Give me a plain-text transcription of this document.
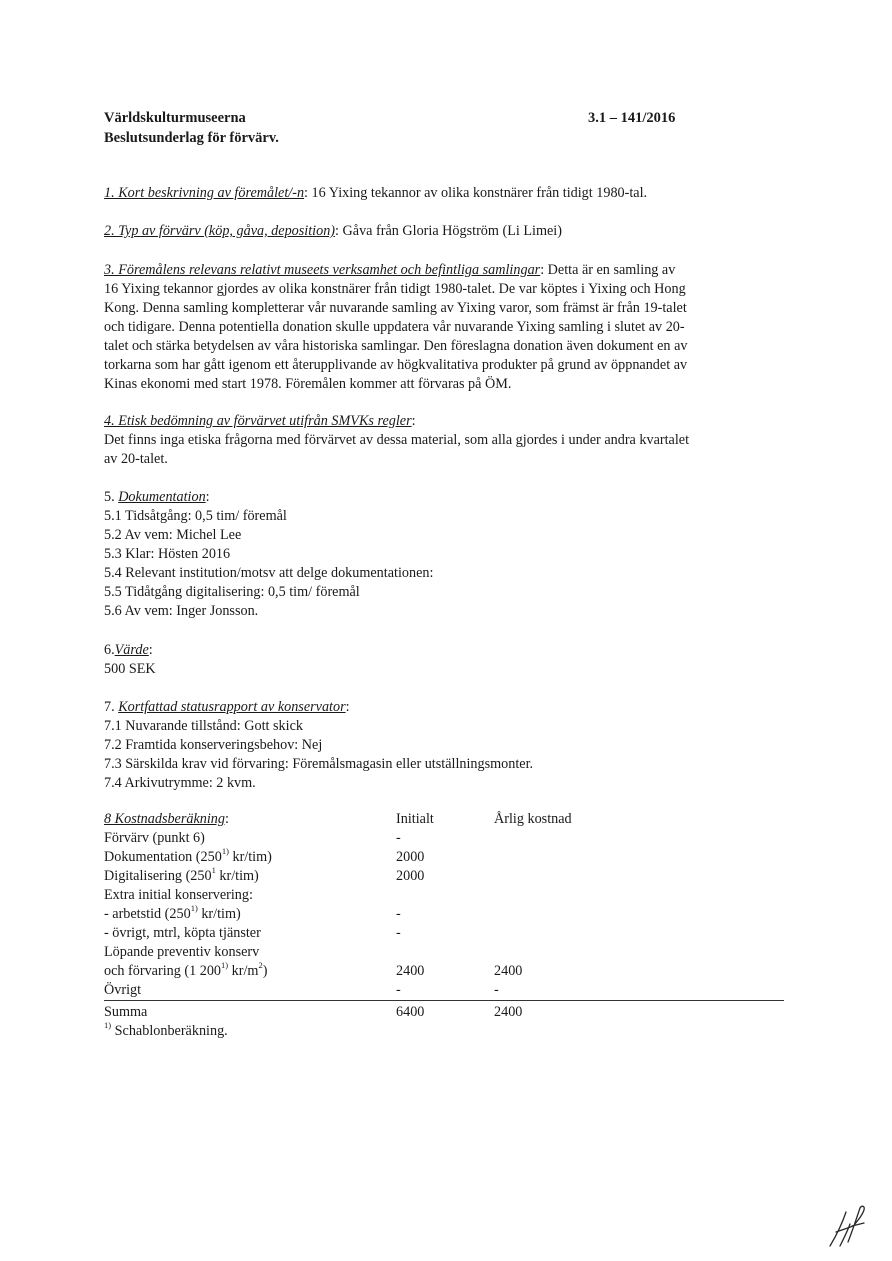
Världskulturmuseerna
Beslutsunderlag för förvärv.
3.1 – 141/2016
1. Kort beskrivning av föremålet/-n: 16 Yixing tekannor av olika konstnärer från tidigt 1980-tal.
2. Typ av förvärv (köp, gåva, deposition): Gåva från Gloria Högström (Li Limei)
3. Föremålens relevans relativt museets verksamhet och befintliga samlingar: Detta är en samling av
16 Yixing tekannor gjordes av olika konstnärer från tidigt 1980-talet. De var köptes i Yixing och Hong
Kong. Denna samling kompletterar vår nuvarande samling av Yixing varor, som främst är från 19-talet
och tidigare. Denna potentiella donation skulle uppdatera vår nuvarande Yixing samling i slutet av 20-
talet och stärka betydelsen av våra historiska samlingar. Den föreslagna donation även dokument en av
torkarna som har gått igenom ett återupplivande av högkvalitativa produkter på grund av öppnandet av
Kinas ekonomi med start 1978. Föremålen kommer att förvaras på ÖM.
4. Etisk bedömning av förvärvet utifrån SMVKs regler:
Det finns inga etiska frågorna med förvärvet av dessa material, som alla gjordes i under andra kvartalet
av 20-talet.
5. Dokumentation:
5.1 Tidsåtgång: 0,5 tim/ föremål
5.2 Av vem: Michel Lee
5.3 Klar: Hösten 2016
5.4 Relevant institution/motsv att delge dokumentationen:
5.5 Tidåtgång digitalisering: 0,5 tim/ föremål
5.6 Av vem: Inger Jonsson.
6.Värde:
500 SEK
7. Kortfattad statusrapport av konservator:
7.1 Nuvarande tillstånd: Gott skick
7.2 Framtida konserveringsbehov: Nej
7.3 Särskilda krav vid förvaring: Föremålsmagasin eller utställningsmonter.
7.4 Arkivutrymme: 2 kvm.
8 Kostnadsberäkning:	Initialt	Årlig kostnad
Förvärv (punkt 6)	-
Dokumentation (250$^{1)}$ kr/tim)	2000
Digitalisering ($250^1$ kr/tim)	2000
Extra initial konservering:
- arbetstid (250$^{1)}$ kr/tim)	-
- övrigt, mtrl, köpta tjänster	-
Löpande preventiv konserv
och förvaring (1 200$^{1)}$ $kr/m^2$)	2400	2400
Övrigt	-	-
Summa	6400	2400
$^{1)}$ Schablonberäkning.
